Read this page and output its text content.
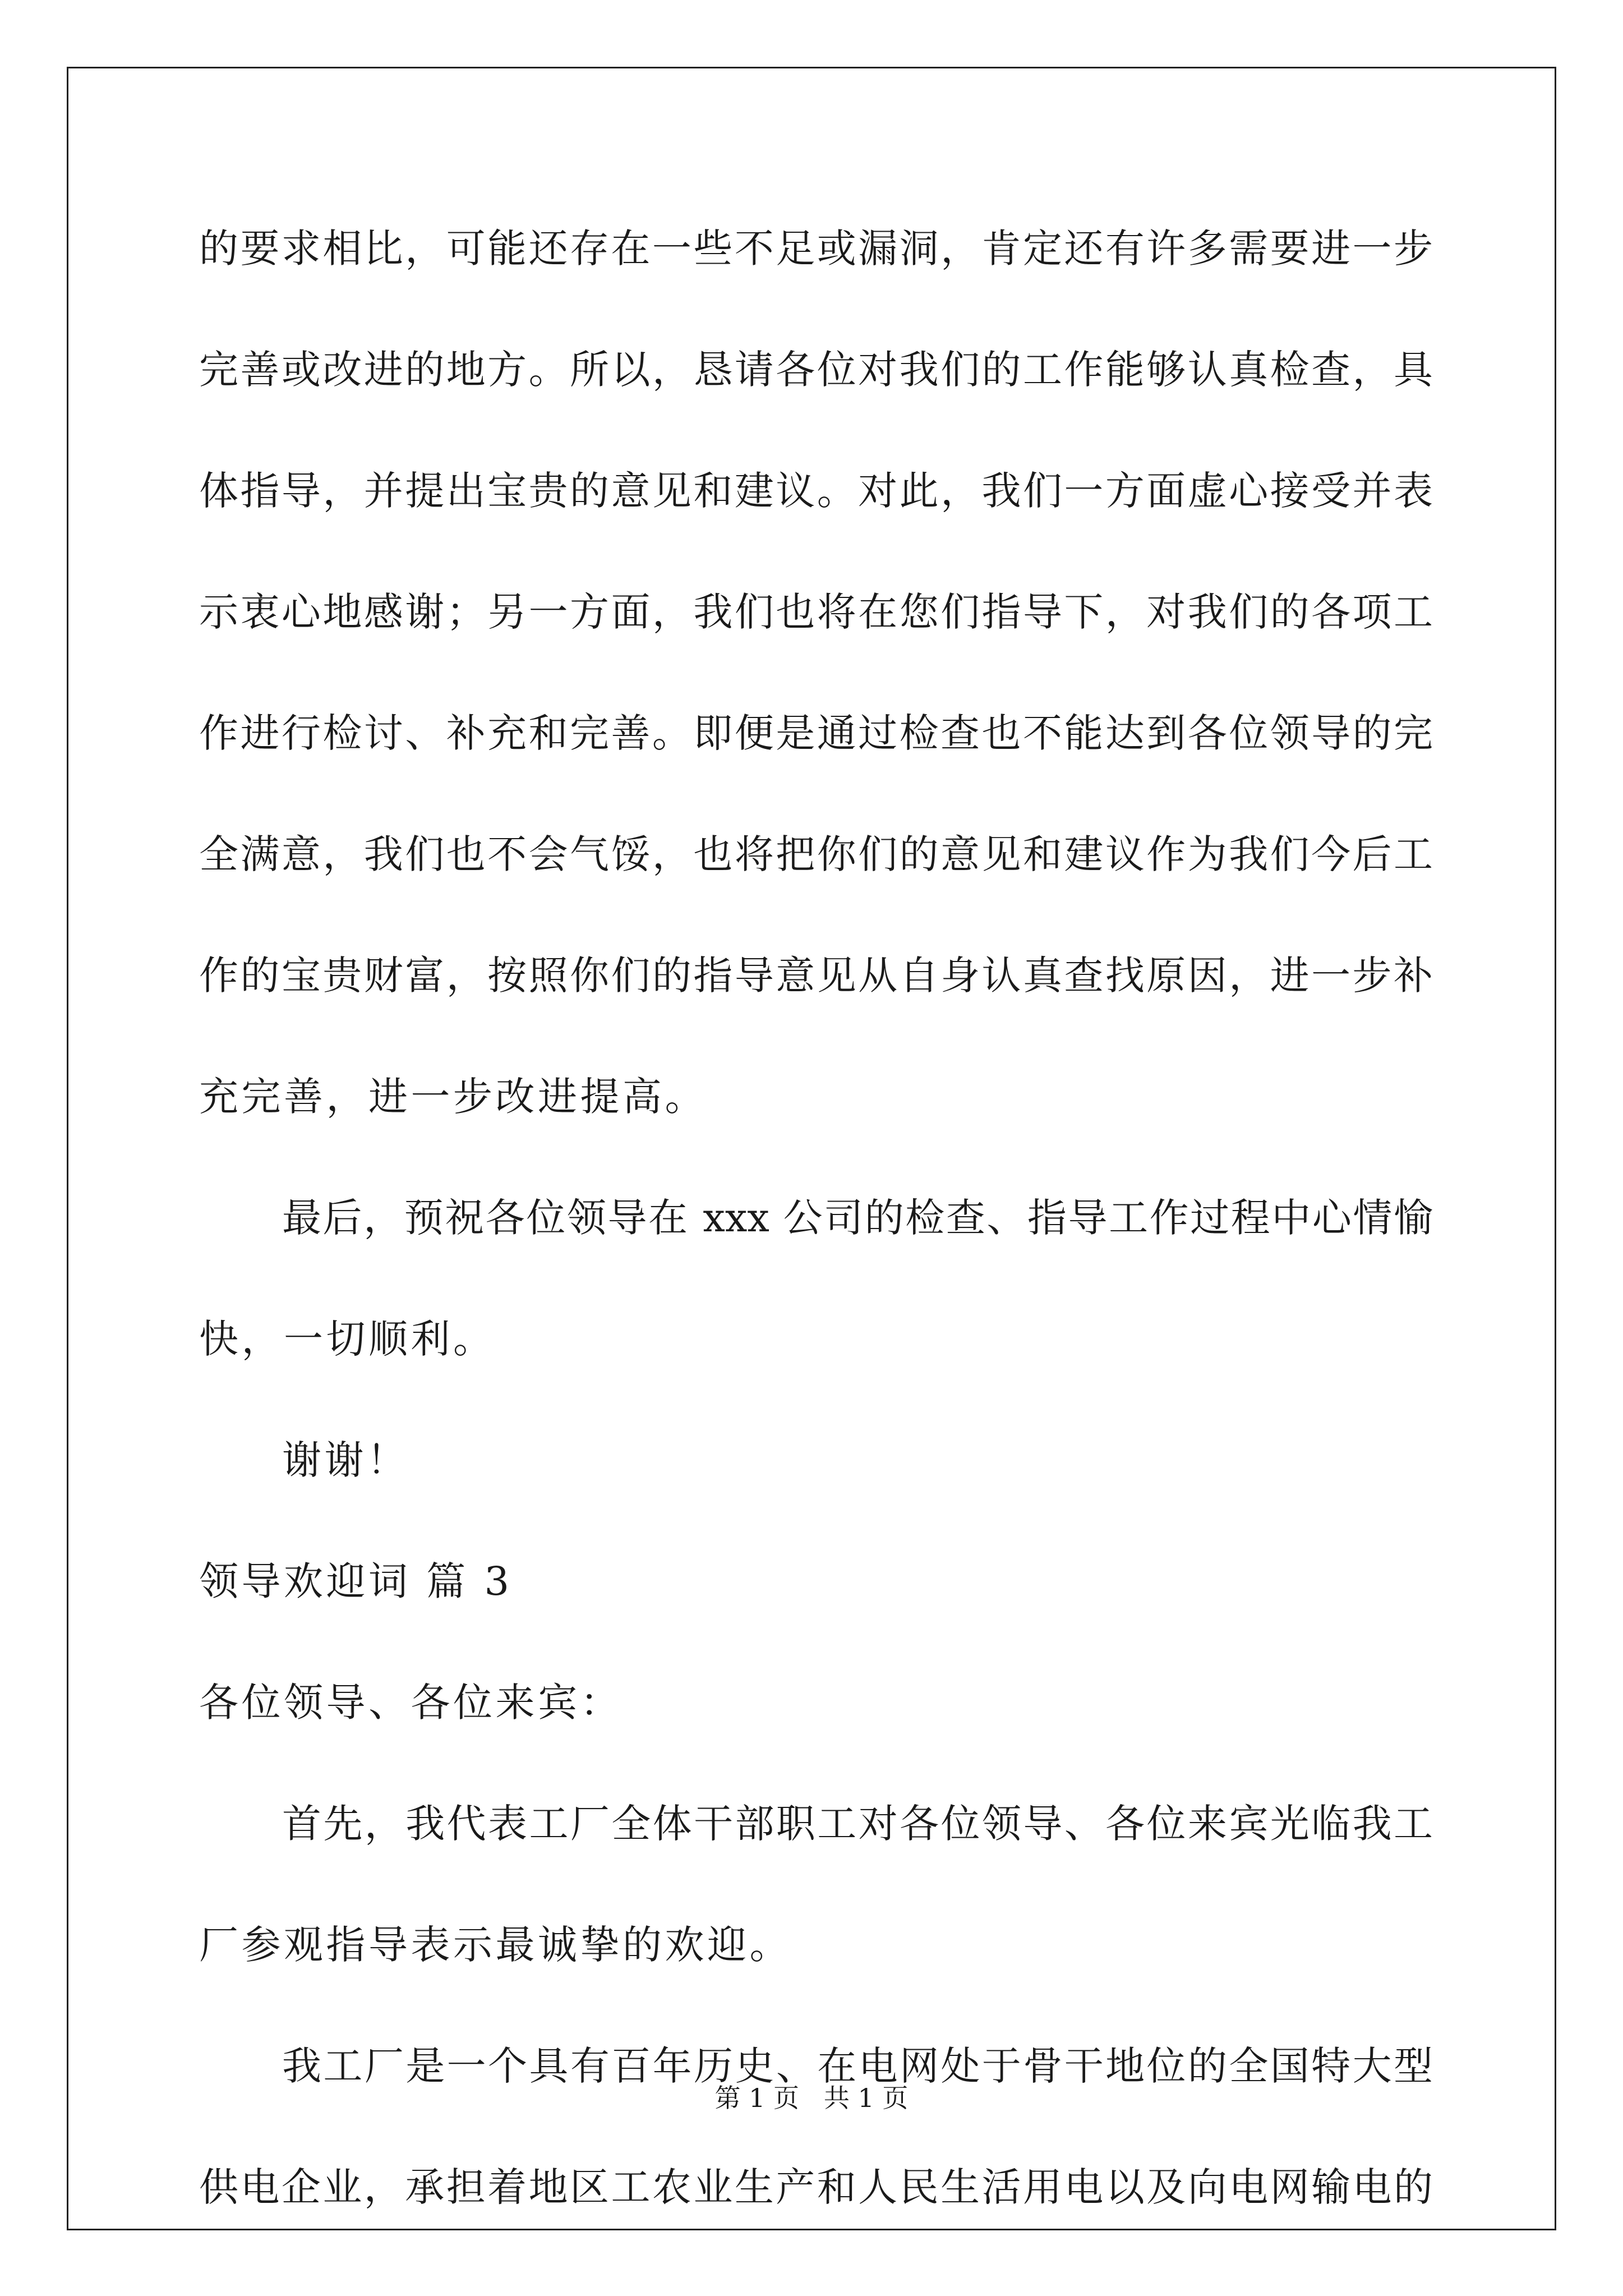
的要求相比，可能还存在一些不足或漏洞，肯定还有许多需要进一步
完善或改进的地方。所以，恳请各位对我们的工作能够认真检查，具
体指导，并提出宝贵的意见和建议。对此，我们一方面虚心接受并表
示衷心地感谢；另一方面，我们也将在您们指导下，对我们的各项工
作进行检讨、补充和完善。即便是通过检查也不能达到各位领导的完
全满意，我们也不会气馁，也将把你们的意见和建议作为我们今后工
作的宝贵财富，按照你们的指导意见从自身认真查找原因，进一步补
充完善，进一步改进提高。
最后，预祝各位领导在 xxx 公司的检查、指导工作过程中心情愉
快，一切顺利。
谢谢！
领导欢迎词 篇 3
各位领导、各位来宾：
首先，我代表工厂全体干部职工对各位领导、各位来宾光临我工
厂参观指导表示最诚挚的欢迎。
我工厂是一个具有百年历史、在电网处于骨干地位的全国特大型
供电企业，承担着地区工农业生产和人民生活用电以及向电网输电的
第 1 页   共 1 页
